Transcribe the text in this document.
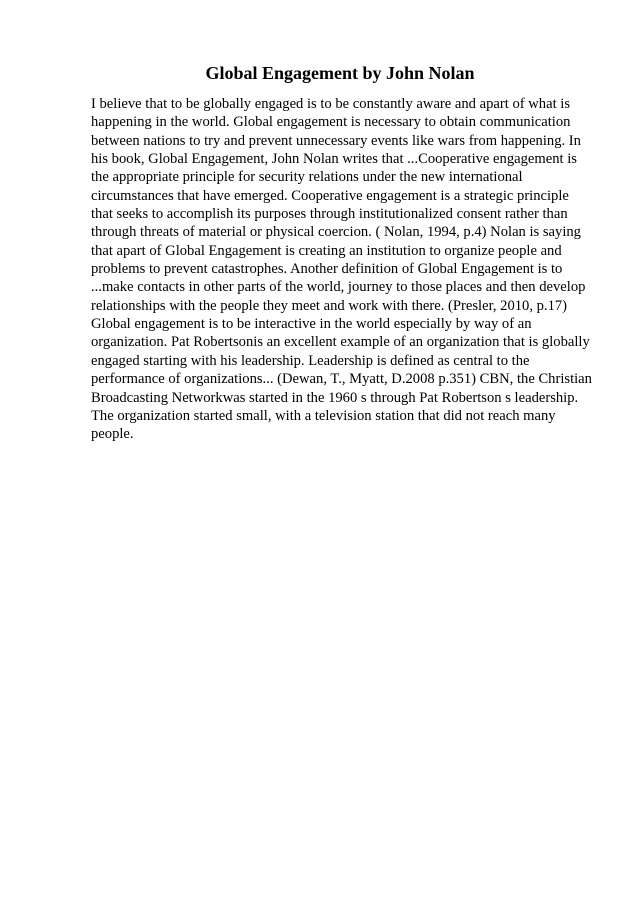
Global Engagement by John Nolan
I believe that to be globally engaged is to be constantly aware and apart of what is
happening in the world. Global engagement is necessary to obtain communication
between nations to try and prevent unnecessary events like wars from happening. In
his book, Global Engagement, John Nolan writes that ...Cooperative engagement is
the appropriate principle for security relations under the new international
circumstances that have emerged. Cooperative engagement is a strategic principle
that seeks to accomplish its purposes through institutionalized consent rather than
through threats of material or physical coercion. ( Nolan, 1994, p.4) Nolan is saying
that apart of Global Engagement is creating an institution to organize people and
problems to prevent catastrophes. Another definition of Global Engagement is to
...make contacts in other parts of the world, journey to those places and then develop
relationships with the people they meet and work with there. (Presler, 2010, p.17)
Global engagement is to be interactive in the world especially by way of an
organization. Pat Robertsonis an excellent example of an organization that is globally
engaged starting with his leadership. Leadership is defined as central to the
performance of organizations... (Dewan, T., Myatt, D.2008 p.351) CBN, the Christian
Broadcasting Networkwas started in the 1960 s through Pat Robertson s leadership.
The organization started small, with a television station that did not reach many
people.
